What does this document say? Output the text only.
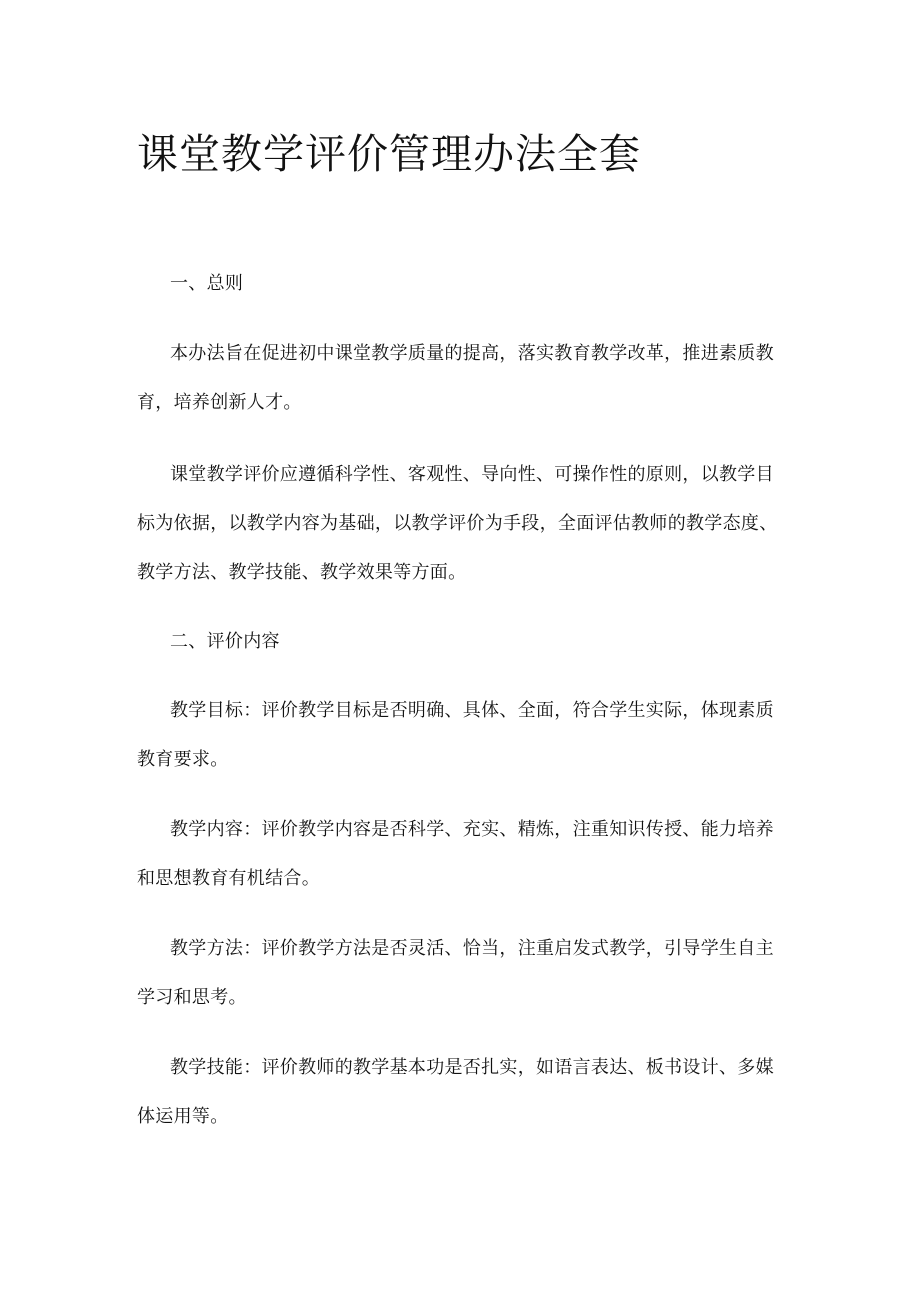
课堂教学评价管理办法全套

一、总则

本办法旨在促进初中课堂教学质量的提高，落实教育教学改革，推进素质教育，培养创新人才。

课堂教学评价应遵循科学性、客观性、导向性、可操作性的原则，以教学目标为依据，以教学内容为基础，以教学评价为手段，全面评估教师的教学态度、教学方法、教学技能、教学效果等方面。

二、评价内容

教学目标：评价教学目标是否明确、具体、全面，符合学生实际，体现素质教育要求。

教学内容：评价教学内容是否科学、充实、精炼，注重知识传授、能力培养和思想教育有机结合。

教学方法：评价教学方法是否灵活、恰当，注重启发式教学，引导学生自主学习和思考。

教学技能：评价教师的教学基本功是否扎实，如语言表达、板书设计、多媒体运用等。
